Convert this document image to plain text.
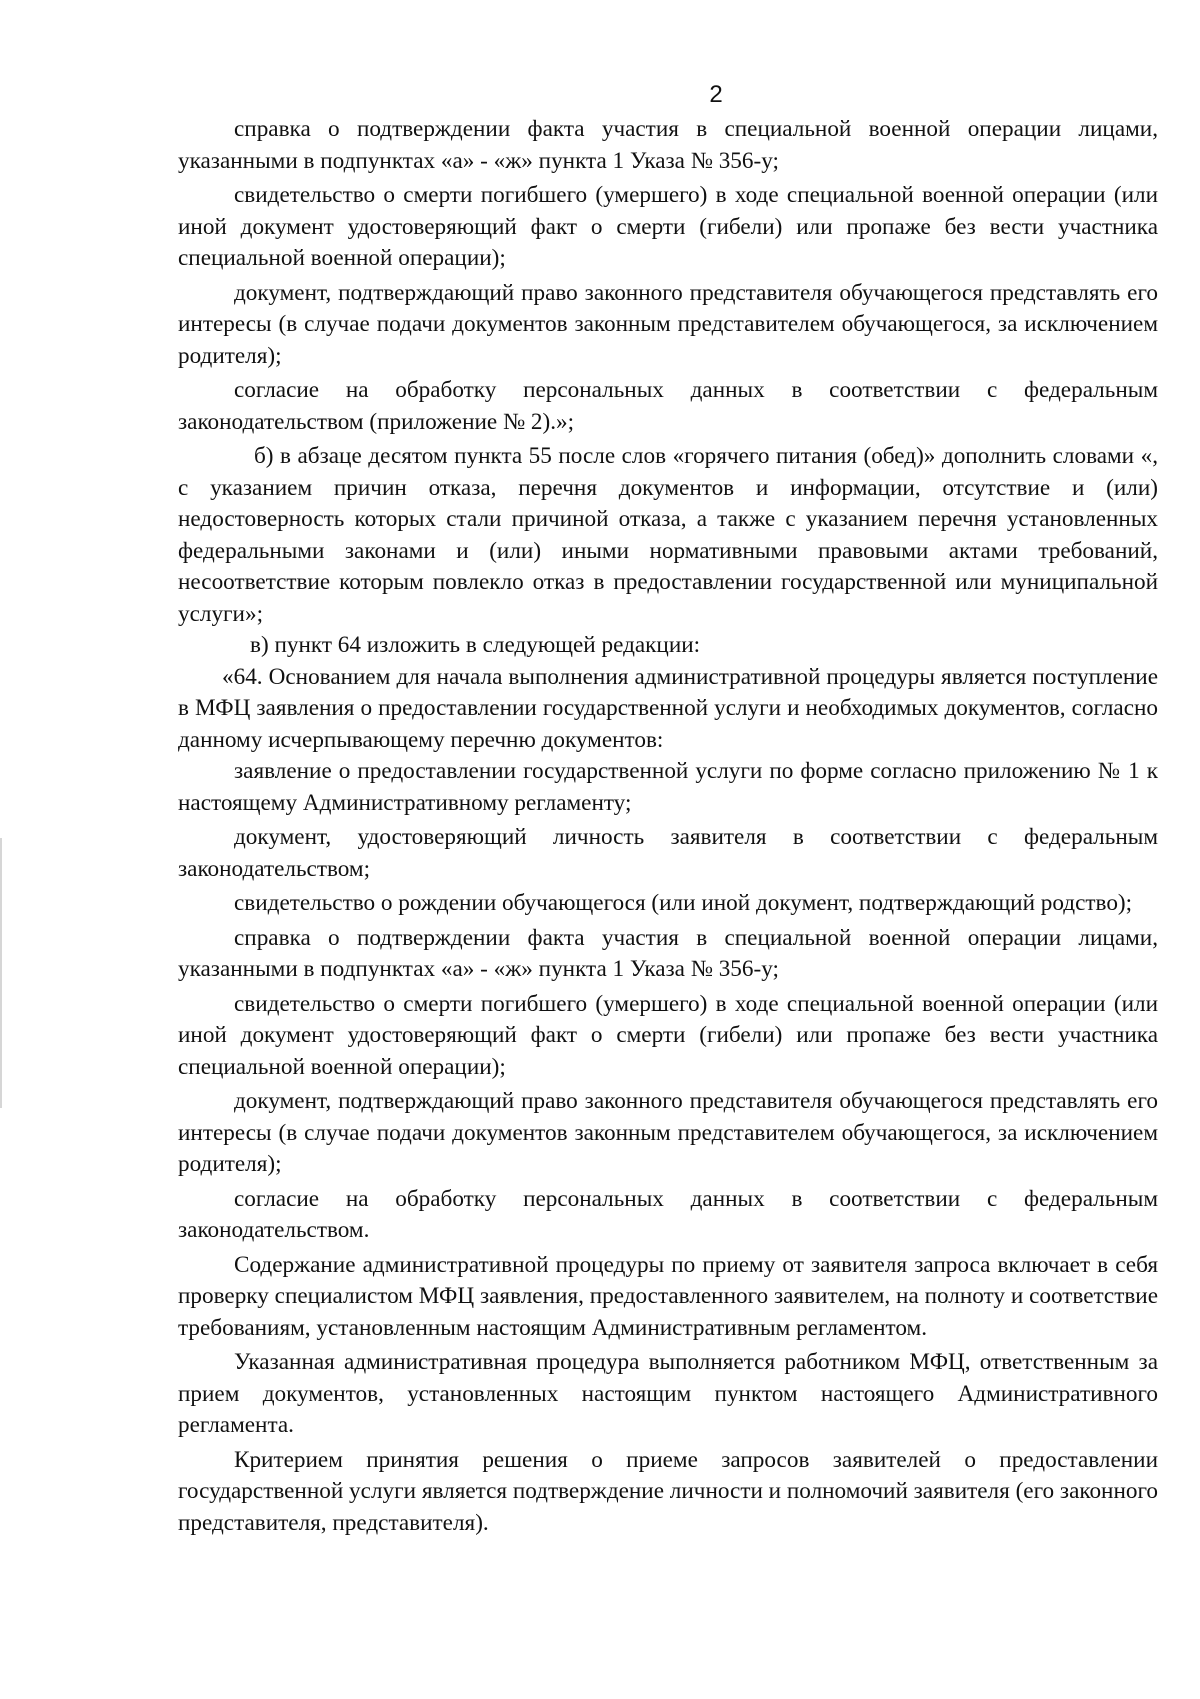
2

справка о подтверждении факта участия в специальной военной операции лицами, указанными в подпунктах «а» - «ж» пункта 1 Указа № 356-у;

свидетельство о смерти погибшего (умершего) в ходе специальной военной операции (или иной документ удостоверяющий факт о смерти (гибели) или пропаже без вести участника специальной военной операции);

документ, подтверждающий право законного представителя обучающегося представлять его интересы (в случае подачи документов законным представителем обучающегося, за исключением родителя);

согласие на обработку персональных данных в соответствии с федеральным законодательством (приложение № 2).»;

б) в абзаце десятом пункта 55 после слов «горячего питания (обед)» дополнить словами «, с указанием причин отказа, перечня документов и информации, отсутствие и (или) недостоверность которых стали причиной отказа, а также с указанием перечня установленных федеральными законами и (или) иными нормативными правовыми актами требований, несоответствие которым повлекло отказ в предоставлении государственной или муниципальной услуги»;

в) пункт 64 изложить в следующей редакции:

«64. Основанием для начала выполнения административной процедуры является поступление в МФЦ заявления о предоставлении государственной услуги и необходимых документов, согласно данному исчерпывающему перечню документов:

заявление о предоставлении государственной услуги по форме согласно приложению № 1 к настоящему Административному регламенту;

документ, удостоверяющий личность заявителя в соответствии с федеральным законодательством;

свидетельство о рождении обучающегося (или иной документ, подтверждающий родство);

справка о подтверждении факта участия в специальной военной операции лицами, указанными в подпунктах «а» - «ж» пункта 1 Указа № 356-у;

свидетельство о смерти погибшего (умершего) в ходе специальной военной операции (или иной документ удостоверяющий факт о смерти (гибели) или пропаже без вести участника специальной военной операции);

документ, подтверждающий право законного представителя обучающегося представлять его интересы (в случае подачи документов законным представителем обучающегося, за исключением родителя);

согласие на обработку персональных данных в соответствии с федеральным законодательством.

Содержание административной процедуры по приему от заявителя запроса включает в себя проверку специалистом МФЦ заявления, предоставленного заявителем, на полноту и соответствие требованиям, установленным настоящим Административным регламентом.

Указанная административная процедура выполняется работником МФЦ, ответственным за прием документов, установленных настоящим пунктом настоящего Административного регламента.

Критерием принятия решения о приеме запросов заявителей о предоставлении государственной услуги является подтверждение личности и полномочий заявителя (его законного представителя, представителя).
